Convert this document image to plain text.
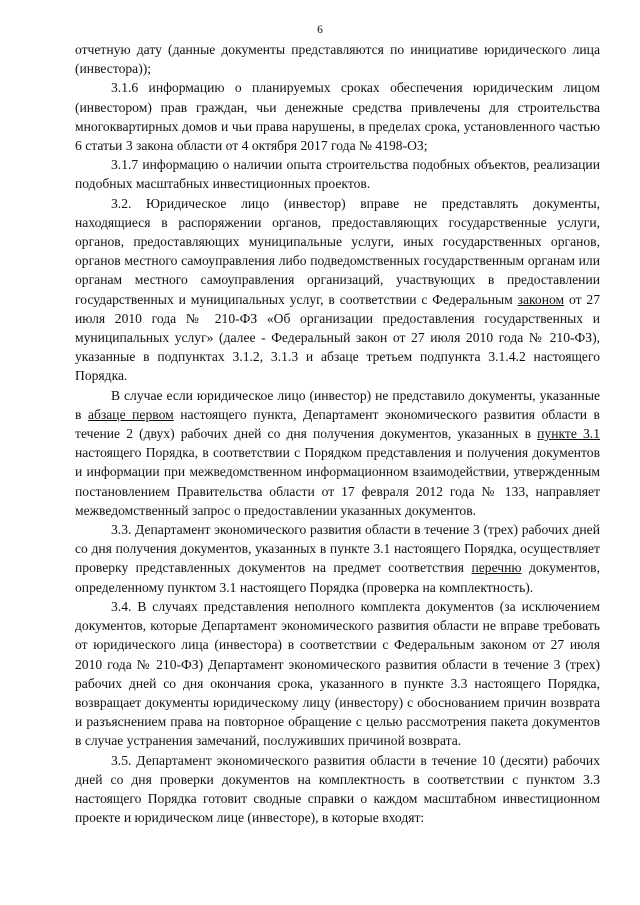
6

отчетную дату (данные документы представляются по инициативе юридического лица (инвестора));

3.1.6 информацию о планируемых сроках обеспечения юридическим лицом (инвестором) прав граждан, чьи денежные средства привлечены для строительства многоквартирных домов и чьи права нарушены, в пределах срока, установленного частью 6 статьи 3 закона области от 4 октября 2017 года № 4198-ОЗ;

3.1.7 информацию о наличии опыта строительства подобных объектов, реализации подобных масштабных инвестиционных проектов.

3.2. Юридическое лицо (инвестор) вправе не представлять документы, находящиеся в распоряжении органов, предоставляющих государственные услуги, органов, предоставляющих муниципальные услуги, иных государственных органов, органов местного самоуправления либо подведомственных государственным органам или органам местного самоуправления организаций, участвующих в предоставлении государственных и муниципальных услуг, в соответствии с Федеральным законом от 27 июля 2010 года № 210-ФЗ «Об организации предоставления государственных и муниципальных услуг» (далее - Федеральный закон от 27 июля 2010 года № 210-ФЗ), указанные в подпунктах 3.1.2, 3.1.3 и абзаце третьем подпункта 3.1.4.2 настоящего Порядка.

В случае если юридическое лицо (инвестор) не представило документы, указанные в абзаце первом настоящего пункта, Департамент экономического развития области в течение 2 (двух) рабочих дней со дня получения документов, указанных в пункте 3.1 настоящего Порядка, в соответствии с Порядком представления и получения документов и информации при межведомственном информационном взаимодействии, утвержденным постановлением Правительства области от 17 февраля 2012 года № 133, направляет межведомственный запрос о предоставлении указанных документов.

3.3. Департамент экономического развития области в течение 3 (трех) рабочих дней со дня получения документов, указанных в пункте 3.1 настоящего Порядка, осуществляет проверку представленных документов на предмет соответствия перечню документов, определенному пунктом 3.1 настоящего Порядка (проверка на комплектность).

3.4. В случаях представления неполного комплекта документов (за исключением документов, которые Департамент экономического развития области не вправе требовать от юридического лица (инвестора) в соответствии с Федеральным законом от 27 июля 2010 года № 210-ФЗ) Департамент экономического развития области в течение 3 (трех) рабочих дней со дня окончания срока, указанного в пункте 3.3 настоящего Порядка, возвращает документы юридическому лицу (инвестору) с обоснованием причин возврата и разъяснением права на повторное обращение с целью рассмотрения пакета документов в случае устранения замечаний, послуживших причиной возврата.

3.5. Департамент экономического развития области в течение 10 (десяти) рабочих дней со дня проверки документов на комплектность в соответствии с пунктом 3.3 настоящего Порядка готовит сводные справки о каждом масштабном инвестиционном проекте и юридическом лице (инвесторе), в которые входят:
